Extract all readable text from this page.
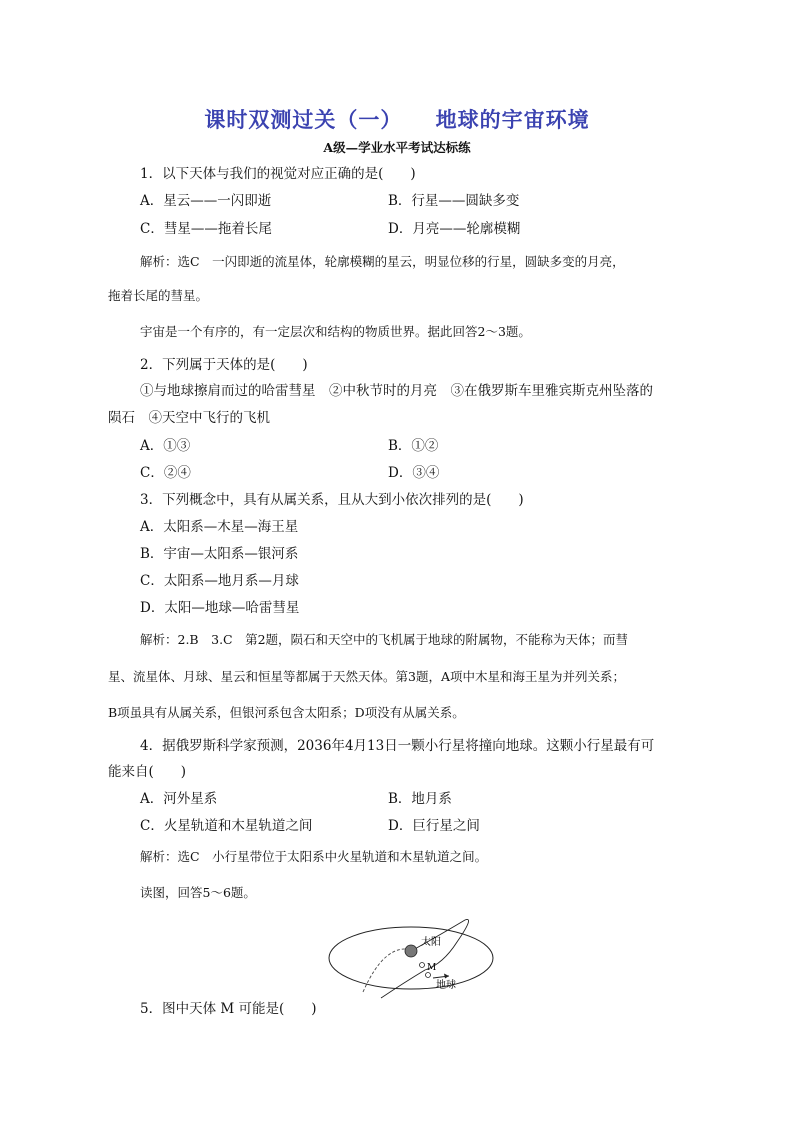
课时双测过关（一）    地球的宇宙环境
A级—学业水平考试达标练
1．以下天体与我们的视觉对应正确的是(　　)
A．星云——一闪即逝	B．行星——圆缺多变
C．彗星——拖着长尾	D．月亮——轮廓模糊
解析：选C　一闪即逝的流星体，轮廓模糊的星云，明显位移的行星，圆缺多变的月亮，
拖着长尾的彗星。
宇宙是一个有序的，有一定层次和结构的物质世界。据此回答2～3题。
2．下列属于天体的是(　　)
①与地球擦肩而过的哈雷彗星　②中秋节时的月亮　③在俄罗斯车里雅宾斯克州坠落的
陨石　④天空中飞行的飞机
A．①③	B．①②
C．②④	D．③④
3．下列概念中，具有从属关系，且从大到小依次排列的是(　　)
A．太阳系—木星—海王星
B．宇宙—太阳系—银河系
C．太阳系—地月系—月球
D．太阳—地球—哈雷彗星
解析：2.B　3.C　第2题，陨石和天空中的飞机属于地球的附属物，不能称为天体；而彗
星、流星体、月球、星云和恒星等都属于天然天体。第3题，A项中木星和海王星为并列关系；
B项虽具有从属关系，但银河系包含太阳系；D项没有从属关系。
4．据俄罗斯科学家预测，2036年4月13日一颗小行星将撞向地球。这颗小行星最有可
能来自(　　)
A．河外星系	B．地月系
C．火星轨道和木星轨道之间	D．巨行星之间
解析：选C　小行星带位于太阳系中火星轨道和木星轨道之间。
读图，回答5～6题。
太阳
M
地球
5．图中天体 M 可能是(　　)
